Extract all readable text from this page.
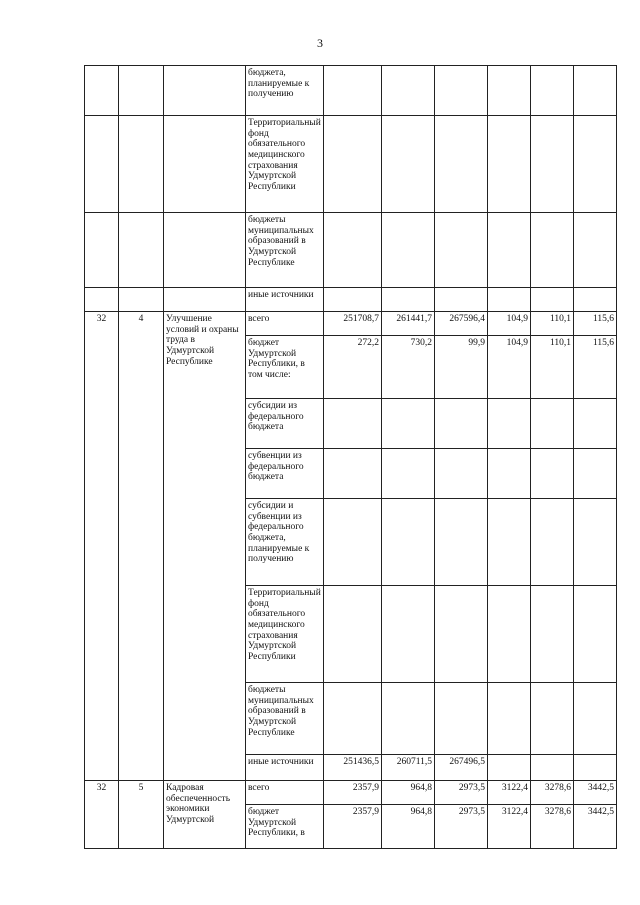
3
			бюджета, планируемые к получению						
			Территориальный фонд обязательного медицинского страхования Удмуртской Республики						
			бюджеты муниципальных образований в Удмуртской Республике						
			иные источники						
32	4	Улучшение условий и охраны труда в Удмуртской Республике	всего	251708,7	261441,7	267596,4	104,9	110,1	115,6
			бюджет Удмуртской Республики, в том числе:	272,2	730,2	99,9	104,9	110,1	115,6
			субсидии из федерального бюджета						
			субвенции из федерального бюджета						
			субсидии и субвенции из федерального бюджета, планируемые к получению						
			Территориальный фонд обязательного медицинского страхования Удмуртской Республики						
			бюджеты муниципальных образований в Удмуртской Республике						
			иные источники	251436,5	260711,5	267496,5			
32	5	Кадровая обеспеченность экономики Удмуртской	всего	2357,9	964,8	2973,5	3122,4	3278,6	3442,5
			бюджет Удмуртской Республики, в	2357,9	964,8	2973,5	3122,4	3278,6	3442,5
